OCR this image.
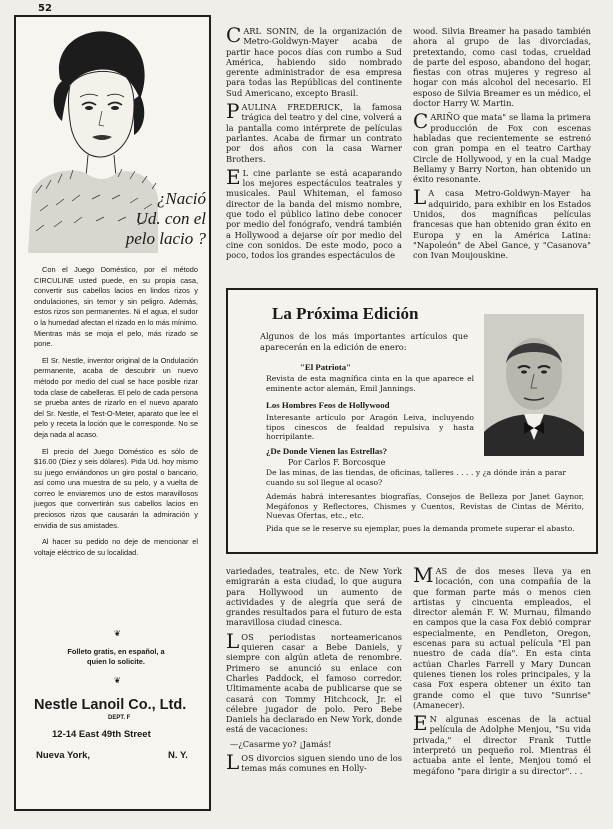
52
¿Nació
Ud. con el
pelo lacio ?

Con el Juego Doméstico, por el método CIRCULINE usted puede, en su propia casa, convertir sus cabellos lacios en lindos rizos y ondulaciones, sin temor y sin peligro. Además, estos rizos son permanentes. Ni el agua, el sudor o la humedad afectan el rizado en lo más mínimo. Mientras más se moja el pelo, más rizado se pone.

El Sr. Nestle, inventor original de la Ondulación permanente, acaba de descubrir un nuevo método por medio del cual se hace posible rizar toda clase de cabelleras. El pelo de cada persona se prueba antes de rizarlo en el nuevo aparato del Sr. Nestle, el Test-O-Meter, aparato que lee el pelo y receta la loción que le corresponde. No se deja nada al acaso.

El precio del Juego Doméstico es sólo de $16.00 (Diez y seis dólares). Pida Ud. hoy mismo su juego enviándonos un giro postal o bancario, así como una muestra de su pelo, y a vuelta de correo le enviaremos uno de estos maravillosos juegos que convertirán sus cabellos lacios en preciosos rizos que causarán la admiración y envidia de sus amistades.

Al hacer su pedido no deje de mencionar el voltaje eléctrico de su localidad.

❦
Folleto gratis, en español, a
quien lo solicite.
❦
Nestle Lanoil Co., Ltd.
DEPT. F
12-14 East 49th Street
Nueva York,	N. Y.

CARL SONIN, de la organización de Metro-Goldwyn-Mayer acaba de partir hace pocos días con rumbo a Sud América, habiendo sido nombrado gerente administrador de esa empresa para todas las Repúblicas del continente Sud Americano, excepto Brasil.

PAULINA FREDERICK, la famosa trágica del teatro y del cine, volverá a la pantalla como intérprete de películas parlantes. Acaba de firmar un contrato por dos años con la casa Warner Brothers.

E L cine parlante se está acaparando los mejores espectáculos teatrales y musicales. Paul Whiteman, el famoso director de la banda del mismo nombre, que todo el público latino debe conocer por medio del fonógrafo, vendrá también a Hollywood a dejarse oír por medio del cine con sonidos. De este modo, poco a poco, todos los grandes espectáculos de

wood. Silvia Breamer ha pasado también ahora al grupo de las divorciadas, pretextando, como casi todas, crueldad de parte del esposo, abandono del hogar, fiestas con otras mujeres y regreso al hogar con más alcohol del necesario. El esposo de Silvia Breamer es un médico, el doctor Harry W. Martin.

CARIÑO que mata" se llama la primera producción de Fox con escenas habladas que recientemente se estrenó con gran pompa en el teatro Carthay Circle de Hollywood, y en la cual Madge Bellamy y Barry Norton, han obtenido un éxito resonante.

L A casa Metro-Goldwyn-Mayer ha adquirido, para exhibir en los Estados Unidos, dos magníficas películas francesas que han obtenido gran éxito en Europa y en la América Latina: "Napoleón" de Abel Gance, y "Casanova" con Ivan Moujouskine.

La Próxima Edición
Algunos de los más importantes artículos que aparecerán en la edición de enero:
"El Patriota"
Revista de esta magnífica cinta en la que aparece el eminente actor alemán, Emil Jannings.
Los Hombres Feos de Hollywood
Interesante artículo por Aragón Leiva, incluyendo tipos cinescos de fealdad repulsiva y hasta horripilante.
¿De Donde Vienen las Estrellas?
Por Carlos F. Borcosque
De las minas, de las tiendas, de oficinas, talleres . . . . y ¿a dónde irán a parar cuando su sol llegue al ocaso?
Además habrá interesantes biografías, Consejos de Belleza por Janet Gaynor, Megáfonos y Reflectores, Chismes y Cuentos, Revistas de Cintas de Mérito, Nuevas Ofertas, etc., etc.
Pida que se le reserve su ejemplar, pues la demanda promete superar el abasto.

variedades, teatrales, etc. de New York emigrarán a esta ciudad, lo que augura para Hollywood un aumento de actividades y de alegría que será de grandes resultados para el futuro de esta maravillosa ciudad cinesca.

LOS periodistas norteamericanos quieren casar a Bebe Daniels, y siempre con algún atleta de renombre. Primero se anunció su enlace con Charles Paddock, el famoso corredor. Ultimamente acaba de publicarse que se casará con Tommy Hitchcock, Jr. el célebre jugador de polo. Pero Bebe Daniels ha declarado en New York, donde está de vacaciones:

—¿Casarme yo? ¡Jamás!

LOS divorcios siguen siendo uno de los temas más comunes en Holly-

MAS de dos meses lleva ya en locación, con una compañía de la que forman parte más o menos cien artistas y cincuenta empleados, el director alemán F. W. Murnau, filmando en campos que la casa Fox debió comprar especialmente, en Pendleton, Oregon, escenas para su actual película "El pan nuestro de cada día". En esta cinta actúan Charles Farrell y Mary Duncan quienes tienen los roles principales, y la casa Fox espera obtener un éxito tan grande como el que tuvo "Sunrise" (Amanecer).

E N algunas escenas de la actual película de Adolphe Menjou, "Su vida privada," el director Frank Tuttle interpretó un pequeño rol. Mientras él actuaba ante el lente, Menjou tomó el megáfono "para dirigir a su director". . .
